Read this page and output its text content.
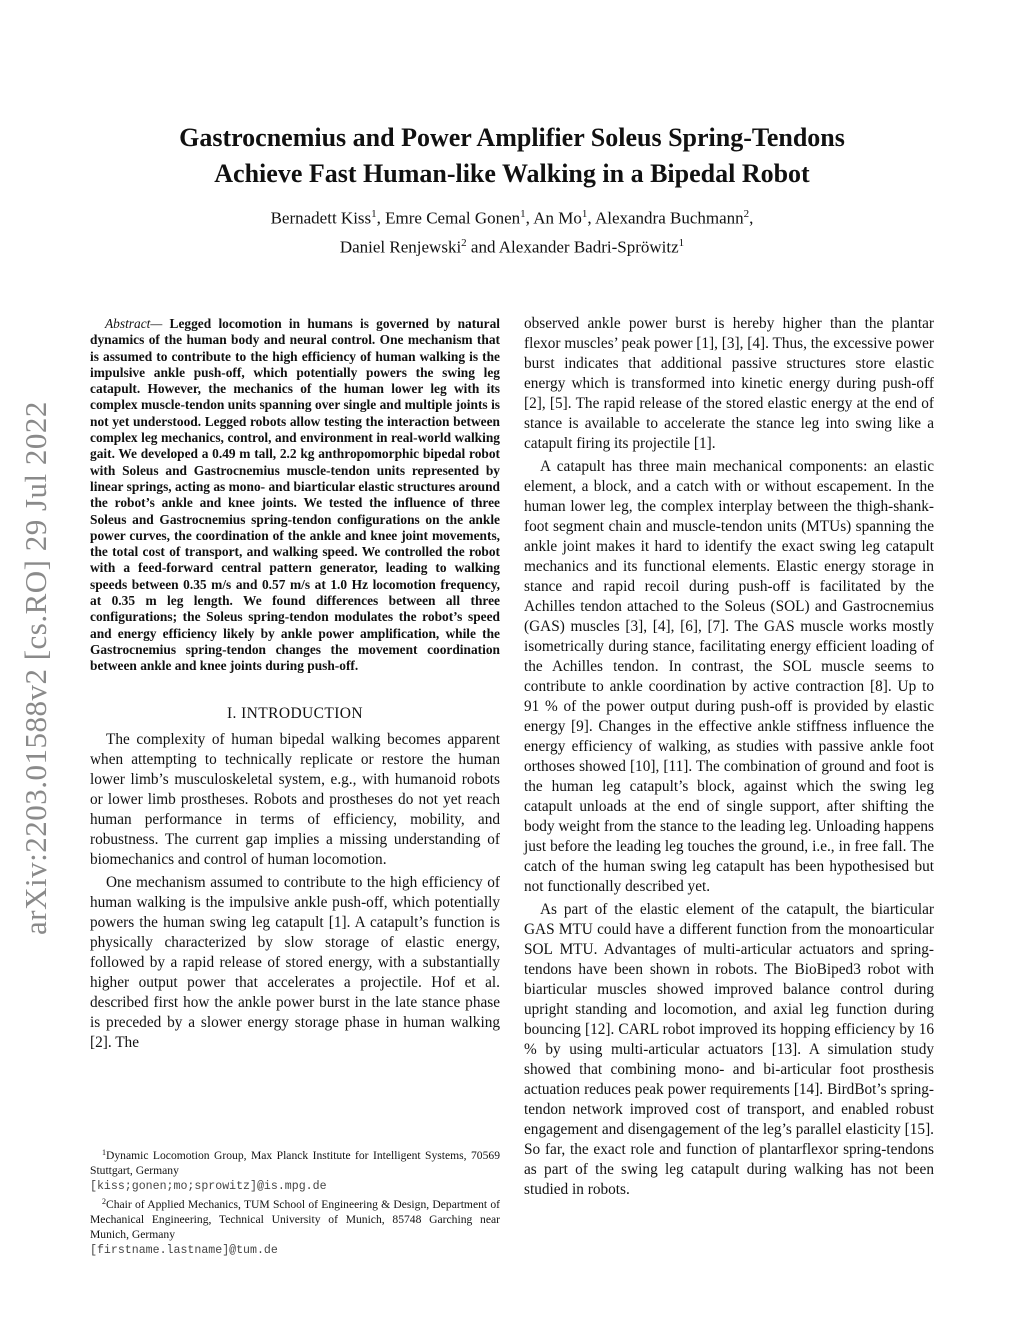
arXiv:2203.01588v2 [cs.RO] 29 Jul 2022
Gastrocnemius and Power Amplifier Soleus Spring-Tendons
Achieve Fast Human-like Walking in a Bipedal Robot
Bernadett Kiss$^1$, Emre Cemal Gonen$^1$, An Mo$^1$, Alexandra Buchmann$^2$,
Daniel Renjewski$^2$ and Alexander Badri-Spröwitz$^1$

Abstract— Legged locomotion in humans is governed by natural dynamics of the human body and neural control. One mechanism that is assumed to contribute to the high efficiency of human walking is the impulsive ankle push-off, which potentially powers the swing leg catapult. However, the mechanics of the human lower leg with its complex muscle-tendon units spanning over single and multiple joints is not yet understood. Legged robots allow testing the interaction between complex leg mechanics, control, and environment in real-world walking gait. We developed a 0.49 m tall, 2.2 kg anthropomorphic bipedal robot with Soleus and Gastrocnemius muscle-tendon units represented by linear springs, acting as mono- and biarticular elastic structures around the robot’s ankle and knee joints. We tested the influence of three Soleus and Gastrocnemius spring-tendon configurations on the ankle power curves, the coordination of the ankle and knee joint movements, the total cost of transport, and walking speed. We controlled the robot with a feed-forward central pattern generator, leading to walking speeds between 0.35 m/s and 0.57 m/s at 1.0 Hz locomotion frequency, at 0.35 m leg length. We found differences between all three configurations; the Soleus spring-tendon modulates the robot’s speed and energy efficiency likely by ankle power amplification, while the Gastrocnemius spring-tendon changes the movement coordination between ankle and knee joints during push-off.

I. INTRODUCTION

The complexity of human bipedal walking becomes apparent when attempting to technically replicate or restore the human lower limb’s musculoskeletal system, e.g., with humanoid robots or lower limb prostheses. Robots and prostheses do not yet reach human performance in terms of efficiency, mobility, and robustness. The current gap implies a missing understanding of biomechanics and control of human locomotion.

One mechanism assumed to contribute to the high efficiency of human walking is the impulsive ankle push-off, which potentially powers the human swing leg catapult [1]. A catapult’s function is physically characterized by slow storage of elastic energy, followed by a rapid release of stored energy, with a substantially higher output power that accelerates a projectile. Hof et al. described first how the ankle power burst in the late stance phase is preceded by a slower energy storage phase in human walking [2]. The

$^1$Dynamic Locomotion Group, Max Planck Institute for Intelligent Systems, 70569 Stuttgart, Germany

[kiss;gonen;mo;sprowitz]@is.mpg.de

$^2$Chair of Applied Mechanics, TUM School of Engineering & Design, Department of Mechanical Engineering, Technical University of Munich, 85748 Garching near Munich, Germany

[firstname.lastname]@tum.de

observed ankle power burst is hereby higher than the plantar flexor muscles’ peak power [1], [3], [4]. Thus, the excessive power burst indicates that additional passive structures store elastic energy which is transformed into kinetic energy during push-off [2], [5]. The rapid release of the stored elastic energy at the end of stance is available to accelerate the stance leg into swing like a catapult firing its projectile [1].

A catapult has three main mechanical components: an elastic element, a block, and a catch with or without escapement. In the human lower leg, the complex interplay between the thigh-shank-foot segment chain and muscle-tendon units (MTUs) spanning the ankle joint makes it hard to identify the exact swing leg catapult mechanics and its functional elements. Elastic energy storage in stance and rapid recoil during push-off is facilitated by the Achilles tendon attached to the Soleus (SOL) and Gastrocnemius (GAS) muscles [3], [4], [6], [7]. The GAS muscle works mostly isometrically during stance, facilitating energy efficient loading of the Achilles tendon. In contrast, the SOL muscle seems to contribute to ankle coordination by active contraction [8]. Up to 91 % of the power output during push-off is provided by elastic energy [9]. Changes in the effective ankle stiffness influence the energy efficiency of walking, as studies with passive ankle foot orthoses showed [10], [11]. The combination of ground and foot is the human leg catapult’s block, against which the swing leg catapult unloads at the end of single support, after shifting the body weight from the stance to the leading leg. Unloading happens just before the leading leg touches the ground, i.e., in free fall. The catch of the human swing leg catapult has been hypothesised but not functionally described yet.

As part of the elastic element of the catapult, the biarticular GAS MTU could have a different function from the monoarticular SOL MTU. Advantages of multi-articular actuators and spring-tendons have been shown in robots. The BioBiped3 robot with biarticular muscles showed improved balance control during upright standing and locomotion, and axial leg function during bouncing [12]. CARL robot improved its hopping efficiency by 16 % by using multi-articular actuators [13]. A simulation study showed that combining mono- and bi-articular foot prosthesis actuation reduces peak power requirements [14]. BirdBot’s spring-tendon network improved cost of transport, and enabled robust engagement and disengagement of the leg’s parallel elasticity [15]. So far, the exact role and function of plantarflexor spring-tendons as part of the swing leg catapult during walking has not been studied in robots.
